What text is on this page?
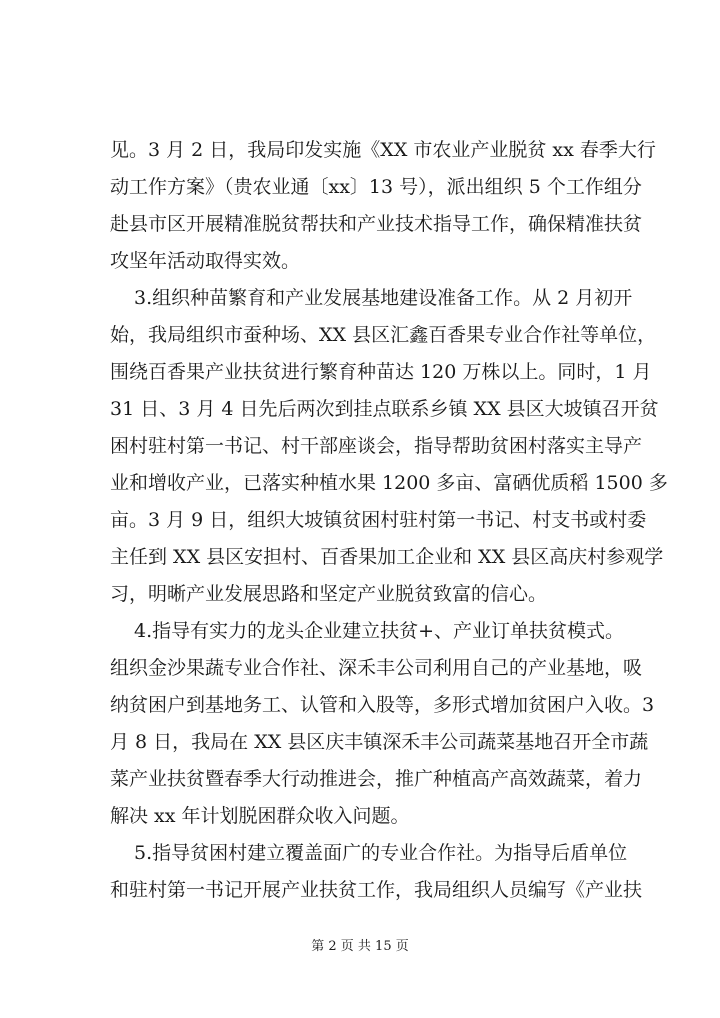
见。3 月 2 日，我局印发实施《XX 市农业产业脱贫 xx 春季大行
动工作方案》（贵农业通〔xx〕13 号），派出组织 5 个工作组分
赴县市区开展精准脱贫帮扶和产业技术指导工作，确保精准扶贫
攻坚年活动取得实效。
3.组织种苗繁育和产业发展基地建设准备工作。从 2 月初开
始，我局组织市蚕种场、XX 县区汇鑫百香果专业合作社等单位，
围绕百香果产业扶贫进行繁育种苗达 120 万株以上。同时，1 月
31 日、3 月 4 日先后两次到挂点联系乡镇 XX 县区大坡镇召开贫
困村驻村第一书记、村干部座谈会，指导帮助贫困村落实主导产
业和增收产业，已落实种植水果 1200 多亩、富硒优质稻 1500 多
亩。3 月 9 日，组织大坡镇贫困村驻村第一书记、村支书或村委
主任到 XX 县区安担村、百香果加工企业和 XX 县区高庆村参观学
习，明晰产业发展思路和坚定产业脱贫致富的信心。
4.指导有实力的龙头企业建立扶贫+、产业订单扶贫模式。
组织金沙果蔬专业合作社、深禾丰公司利用自己的产业基地，吸
纳贫困户到基地务工、认管和入股等，多形式增加贫困户入收。3
月 8 日，我局在 XX 县区庆丰镇深禾丰公司蔬菜基地召开全市蔬
菜产业扶贫暨春季大行动推进会，推广种植高产高效蔬菜，着力
解决 xx 年计划脱困群众收入问题。
5.指导贫困村建立覆盖面广的专业合作社。为指导后盾单位
和驻村第一书记开展产业扶贫工作，我局组织人员编写《产业扶
第 2 页 共 15 页
